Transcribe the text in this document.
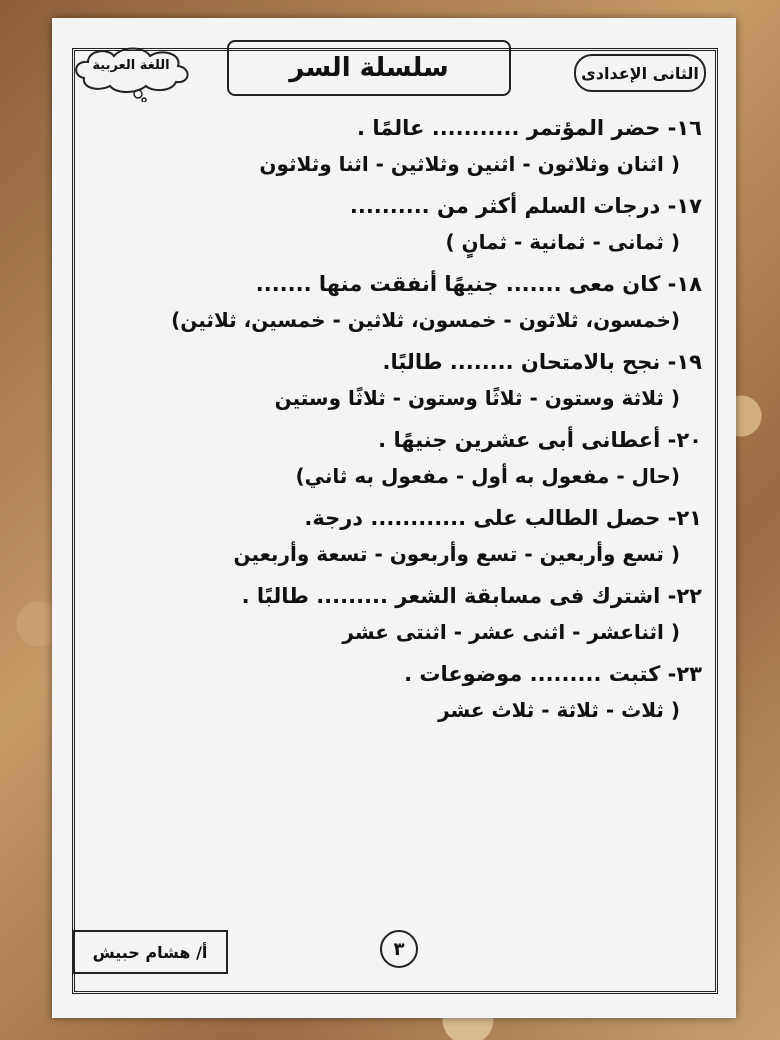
اللغة العربية	سلسلة السر	الثانى الإعدادى
١٦- حضر المؤتمر ........... عالمًا .
( اثنان وثلاثون - اثنين وثلاثين - اثنا وثلاثون
١٧- درجات السلم أكثر من ..........
( ثمانى - ثمانية - ثمانٍ )
١٨- كان معى ....... جنيهًا أنفقت منها .......
(خمسون، ثلاثون - خمسون، ثلاثين - خمسين، ثلاثين)
١٩- نجح بالامتحان ........ طالبًا.
( ثلاثة وستون - ثلاثًا وستون - ثلاثًا وستين
٢٠- أعطانى أبى عشرين جنيهًا .
(حال - مفعول به أول - مفعول به ثاني)
٢١- حصل الطالب على ............ درجة.
( تسع وأربعين - تسع وأربعون - تسعة وأربعين
٢٢- اشترك فى مسابقة الشعر ......... طالبًا .
( اثناعشر - اثنى عشر - اثنتى عشر
٢٣- كتبت ......... موضوعات .
( ثلاث - ثلاثة - ثلاث عشر
أ/ هشام حبيش	٣
